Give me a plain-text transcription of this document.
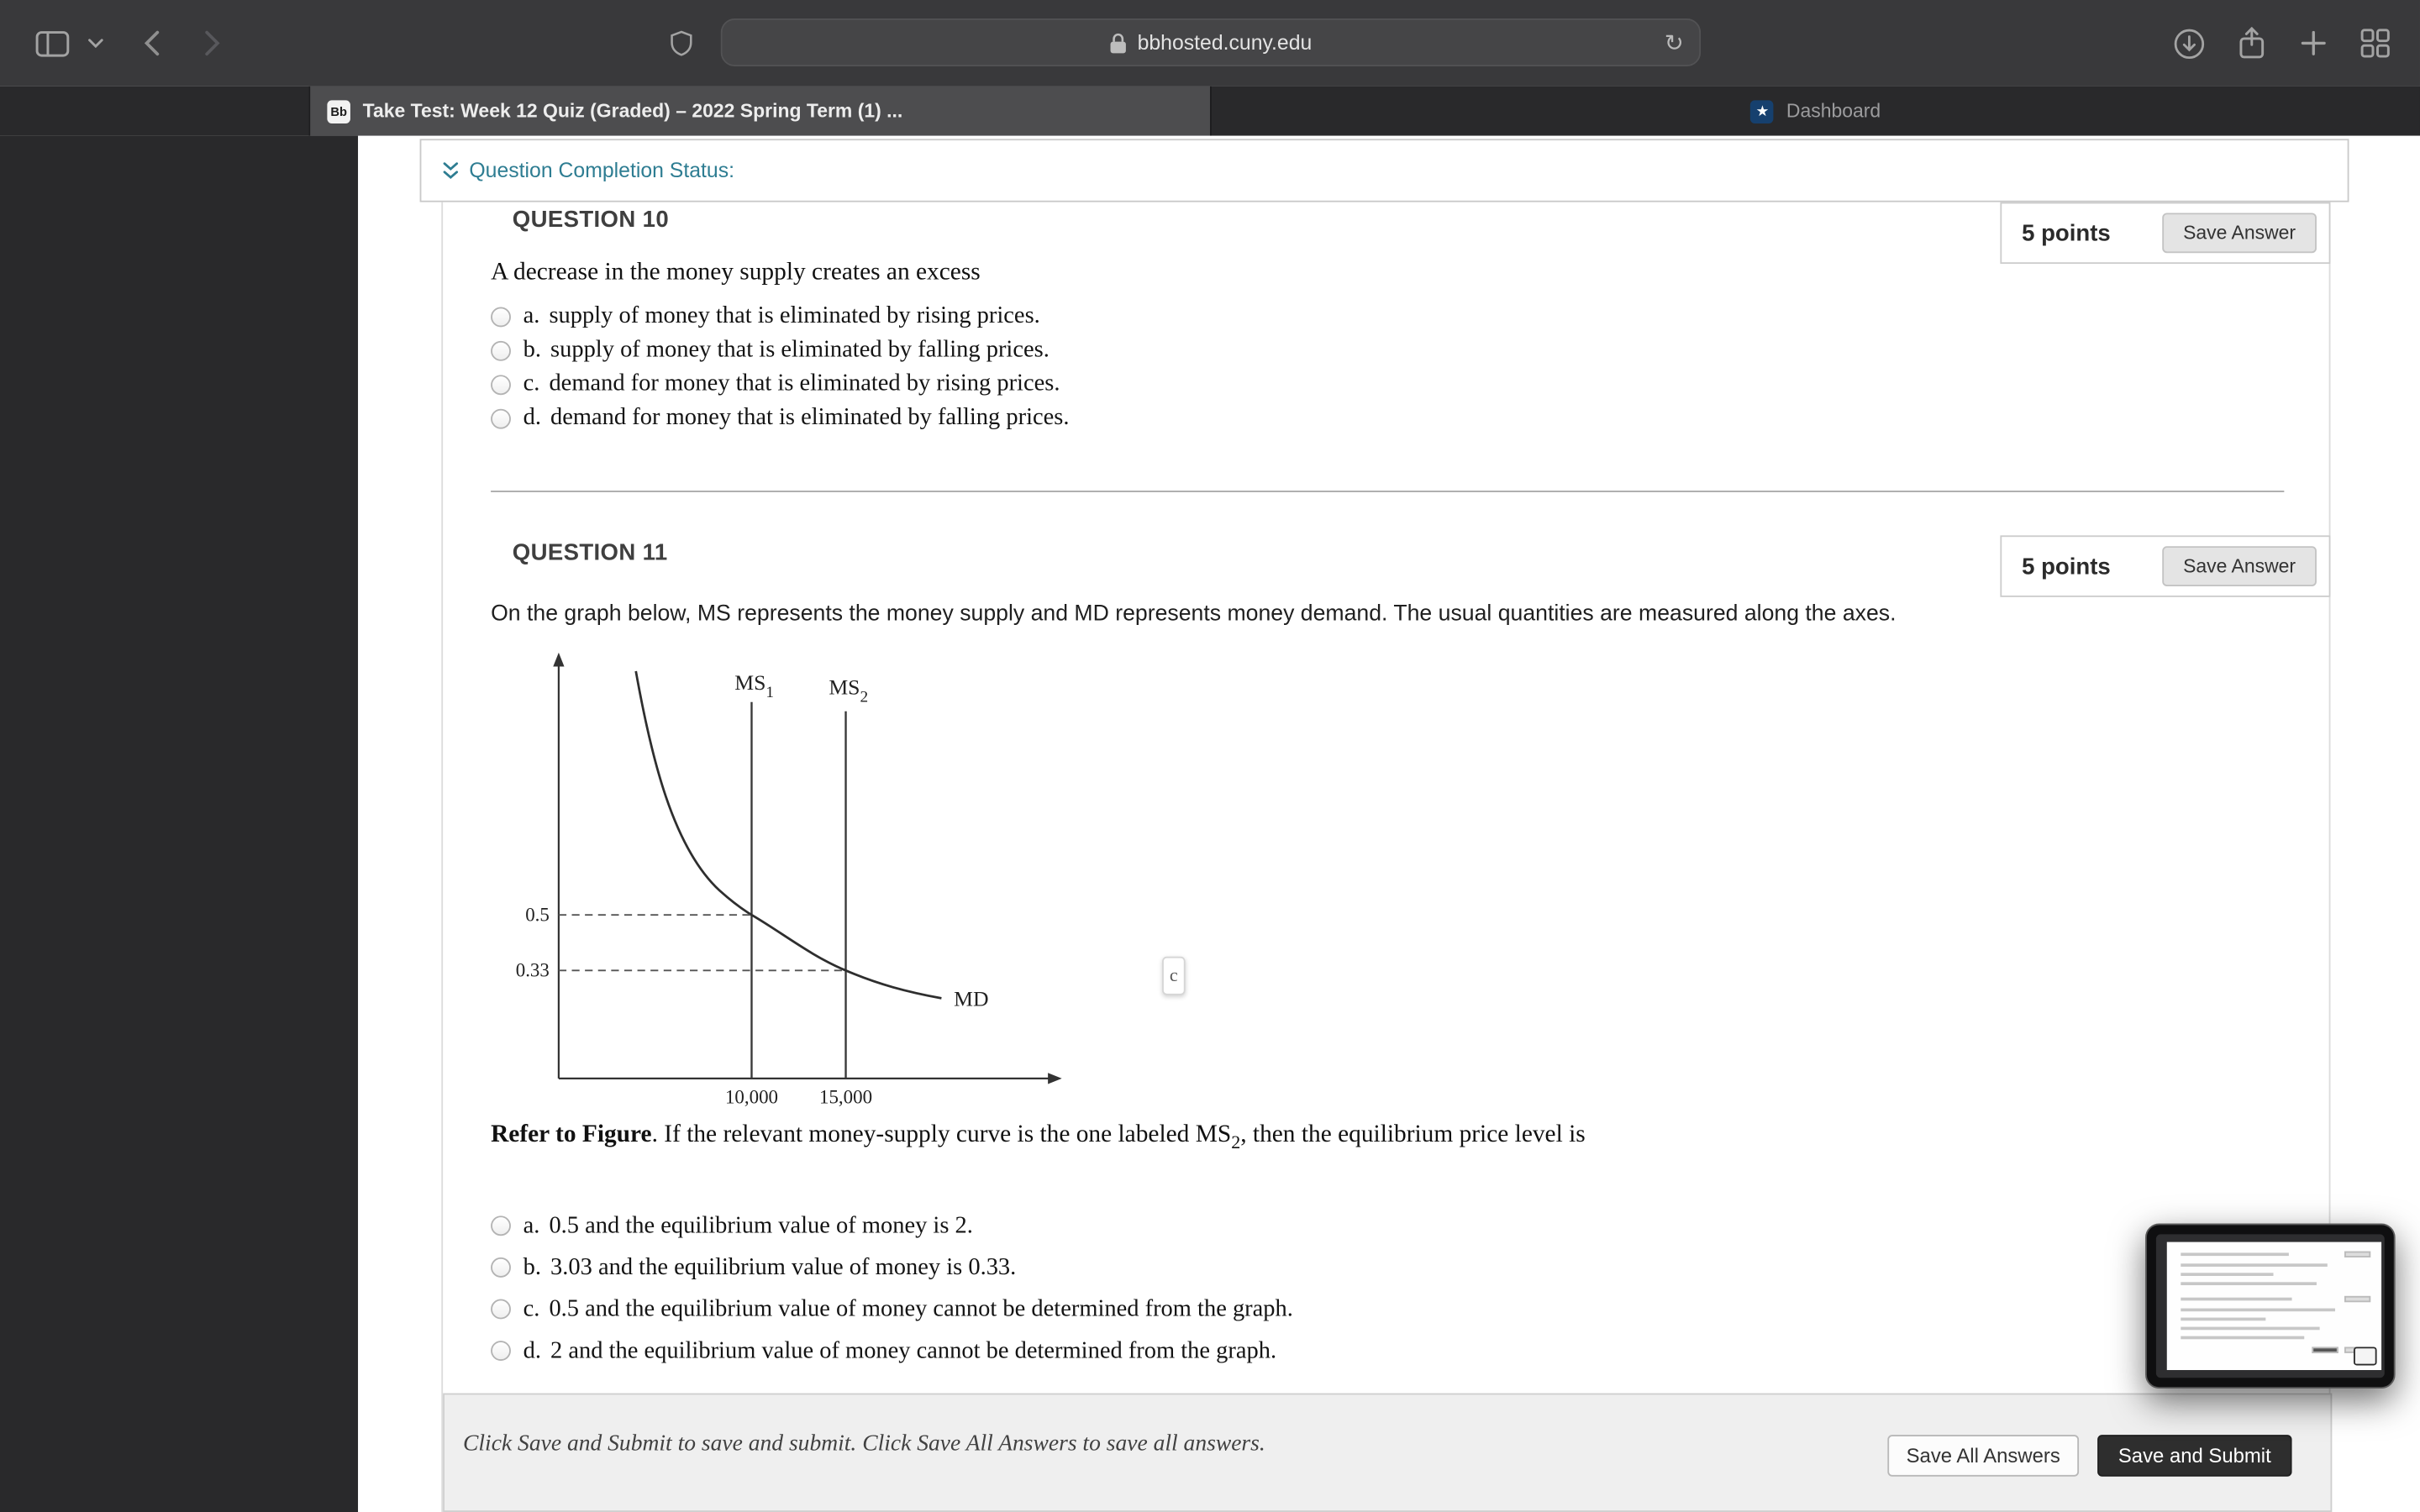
bbhosted.cuny.edu	↻
Bb	Take Test: Week 12 Quiz (Graded) – 2022 Spring Term (1) ...	★	Dashboard
Question Completion Status:
QUESTION 10
5 points	Save Answer
A decrease in the money supply creates an excess
a. supply of money that is eliminated by rising prices.
b. supply of money that is eliminated by falling prices.
c. demand for money that is eliminated by rising prices.
d. demand for money that is eliminated by falling prices.
QUESTION 11	5 points	Save Answer
On the graph below, MS represents the money supply and MD represents money demand. The usual quantities are measured along the axes.
$MS_1$	$MS_2$
MD
0.5
0.33
10,000	15,000
c
Refer to Figure. If the relevant money-supply curve is the one labeled $MS_2$, then the equilibrium price level is
a. 0.5 and the equilibrium value of money is 2.
b. 3.03 and the equilibrium value of money is 0.33.
c. 0.5 and the equilibrium value of money cannot be determined from the graph.
d. 2 and the equilibrium value of money cannot be determined from the graph.
Click Save and Submit to save and submit. Click Save All Answers to save all answers.	Save All Answers	Save and Submit
